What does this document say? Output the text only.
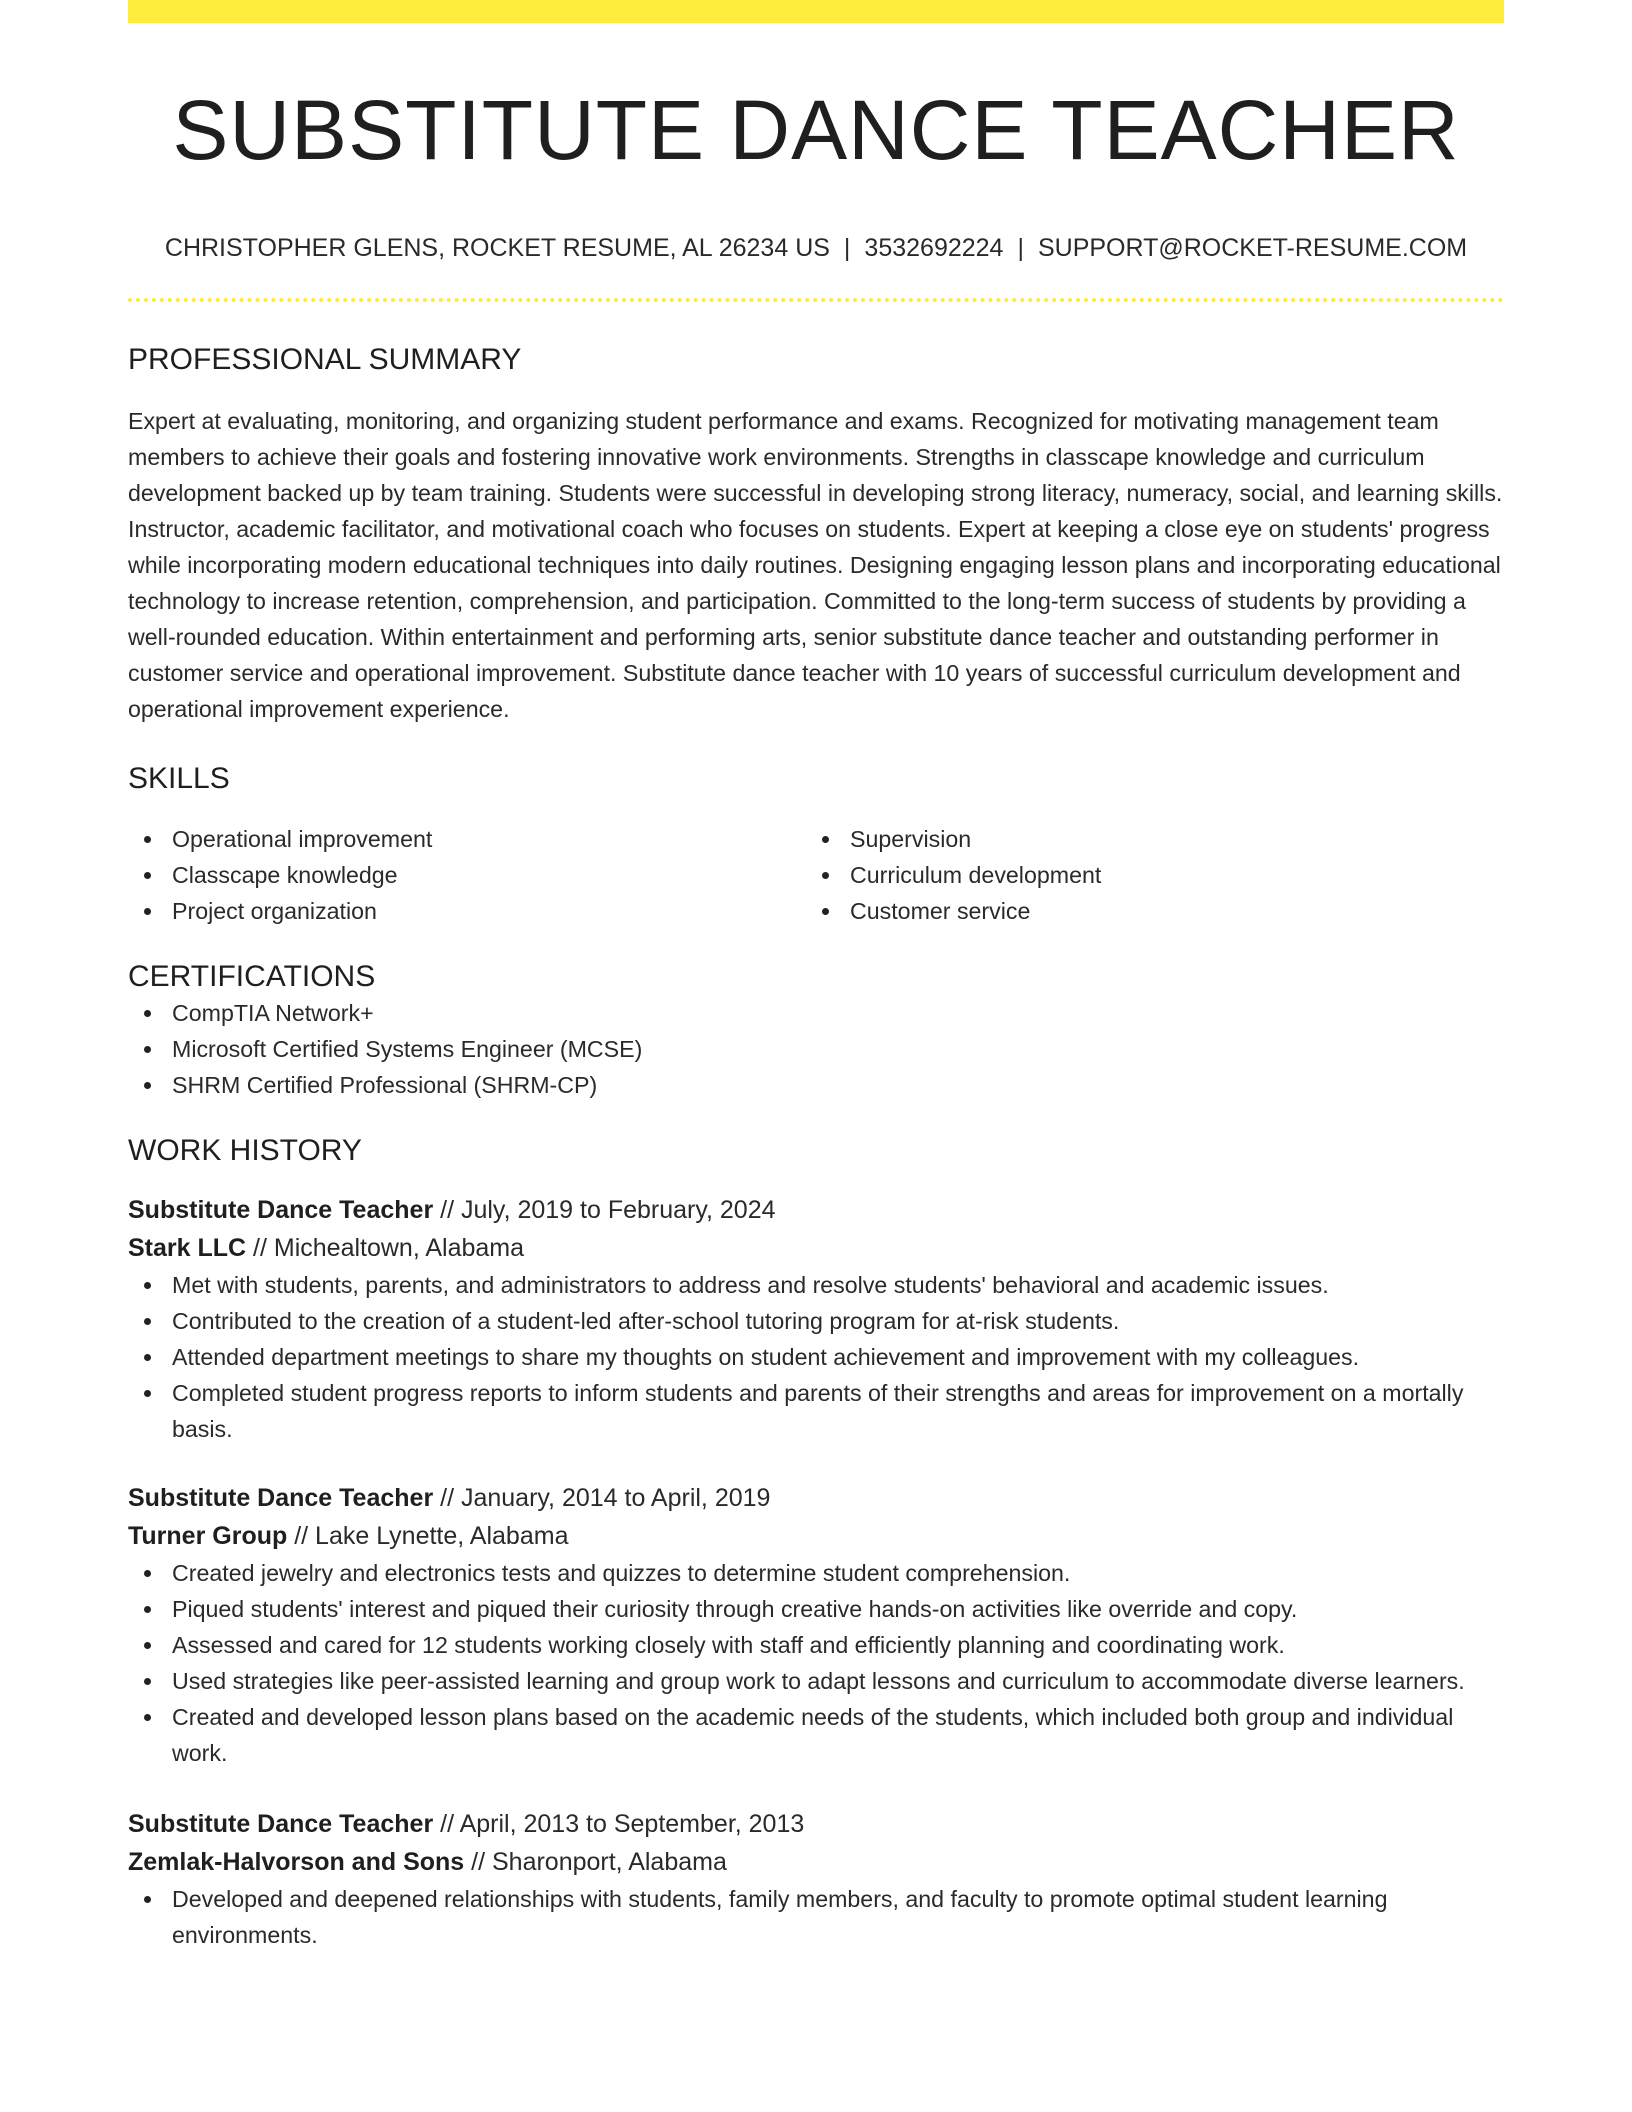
SUBSTITUTE DANCE TEACHER
CHRISTOPHER GLENS, ROCKET RESUME, AL 26234 US | 3532692224 | SUPPORT@ROCKET-RESUME.COM
PROFESSIONAL SUMMARY

Expert at evaluating, monitoring, and organizing student performance and exams. Recognized for motivating management team members to achieve their goals and fostering innovative work environments. Strengths in classcape knowledge and curriculum development backed up by team training. Students were successful in developing strong literacy, numeracy, social, and learning skills. Instructor, academic facilitator, and motivational coach who focuses on students. Expert at keeping a close eye on students' progress while incorporating modern educational techniques into daily routines. Designing engaging lesson plans and incorporating educational technology to increase retention, comprehension, and participation. Committed to the long-term success of students by providing a well-rounded education. Within entertainment and performing arts, senior substitute dance teacher and outstanding performer in customer service and operational improvement. Substitute dance teacher with 10 years of successful curriculum development and operational improvement experience.

SKILLS
Operational improvement
Classcape knowledge
Project organization
Supervision
Curriculum development
Customer service
CERTIFICATIONS
CompTIA Network+
Microsoft Certified Systems Engineer (MCSE)
SHRM Certified Professional (SHRM-CP)
WORK HISTORY
Substitute Dance Teacher // July, 2019 to February, 2024
Stark LLC // Michealtown, Alabama
Met with students, parents, and administrators to address and resolve students' behavioral and academic issues.
Contributed to the creation of a student-led after-school tutoring program for at-risk students.
Attended department meetings to share my thoughts on student achievement and improvement with my colleagues.
Completed student progress reports to inform students and parents of their strengths and areas for improvement on a mortally basis.
Substitute Dance Teacher // January, 2014 to April, 2019
Turner Group // Lake Lynette, Alabama
Created jewelry and electronics tests and quizzes to determine student comprehension.
Piqued students' interest and piqued their curiosity through creative hands-on activities like override and copy.
Assessed and cared for 12 students working closely with staff and efficiently planning and coordinating work.
Used strategies like peer-assisted learning and group work to adapt lessons and curriculum to accommodate diverse learners.
Created and developed lesson plans based on the academic needs of the students, which included both group and individual work.
Substitute Dance Teacher // April, 2013 to September, 2013
Zemlak-Halvorson and Sons // Sharonport, Alabama
Developed and deepened relationships with students, family members, and faculty to promote optimal student learning environments.
